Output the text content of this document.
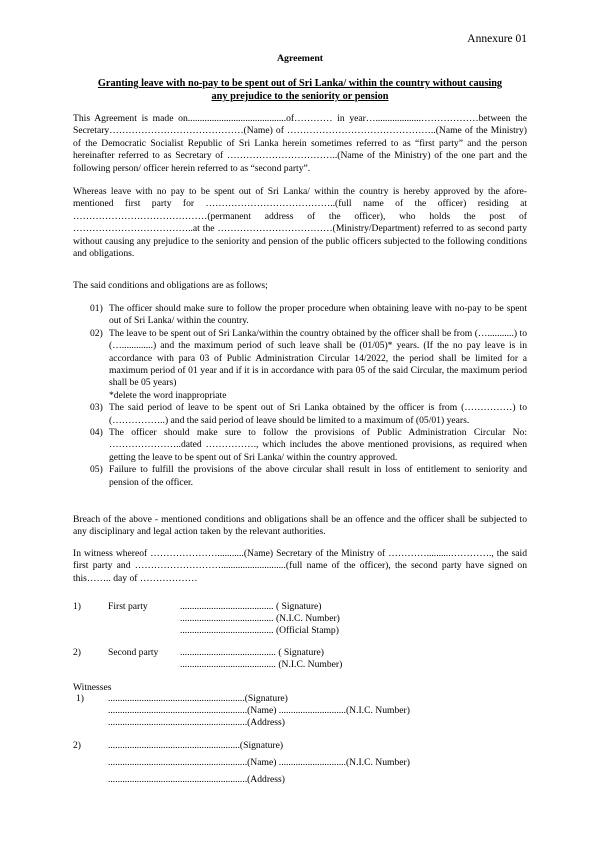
Annexure 01
Agreement
Granting leave with no-pay to be spent out of Sri Lanka/ within the country without causing
any prejudice to the seniority or pension

This Agreement is made on.........................................of………… in year…...................………………between the Secretary……………………………………(Name) of ………………………………………..(Name of the Ministry) of the Democratic Socialist Republic of Sri Lanka herein sometimes referred to as “first party” and the person hereinafter referred to as Secretary of ……………………………..(Name of the Ministry) of the one part and the following person/ officer herein referred to as “second party”.

Whereas leave with no pay to be spent out of Sri Lanka/ within the country is hereby approved by the afore-mentioned first party for …………………………………..(full name of the officer) residing at ……………………………………(permanent address of the officer), who holds the post of ………………………………..at the ………………………………(Ministry/Department) referred to as second party without causing any prejudice to the seniority and pension of the public officers subjected to the following conditions and obligations.

The said conditions and obligations are as follows;

01) The officer should make sure to follow the proper procedure when obtaining leave with no-pay to be spent out of Sri Lanka/ within the country.
02) The leave to be spent out of Sri Lanka/within the country obtained by the officer shall be from (…...........) to (….............) and the maximum period of such leave shall be (01/05)* years. (If the no pay leave is in accordance with para 03 of Public Administration Circular 14/2022, the period shall be limited for a maximum period of 01 year and if it is in accordance with para 05 of the said Circular, the maximum period shall be 05 years)
*delete the word inappropriate
03) The said period of leave to be spent out of Sri Lanka obtained by the officer is from (……………) to (……………..) and the said period of leave should be limited to a maximum of (05/01) years.
04) The officer should make sure to follow the provisions of Public Administration Circular No: …………………..dated ……………., which includes the above mentioned provisions, as required when getting the leave to be spent out of Sri Lanka/ within the country approved.
05) Failure to fulfill the provisions of the above circular shall result in loss of entitlement to seniority and pension of the officer.

Breach of the above - mentioned conditions and obligations shall be an offence and the officer shall be subjected to any disciplinary and legal action taken by the relevant authorities.

In witness whereof …………………...........(Name) Secretary of the Ministry of …………..........…………., the said first party and ………………………...........................(full name of the officer), the second party have signed on this…….. day of ………………

1)	First party	....................................... ( Signature)
....................................... (N.I.C. Number)
....................................... (Official Stamp)
2)	Second party ........................................ ( Signature)
........................................ (N.I.C. Number)
Witnesses
1)	.........................................................(Signature)
..........................................................(Name) ............................(N.I.C. Number)
..........................................................(Address)
2)	.......................................................(Signature)
..........................................................(Name) ............................(N.I.C. Number)
..........................................................(Address)
